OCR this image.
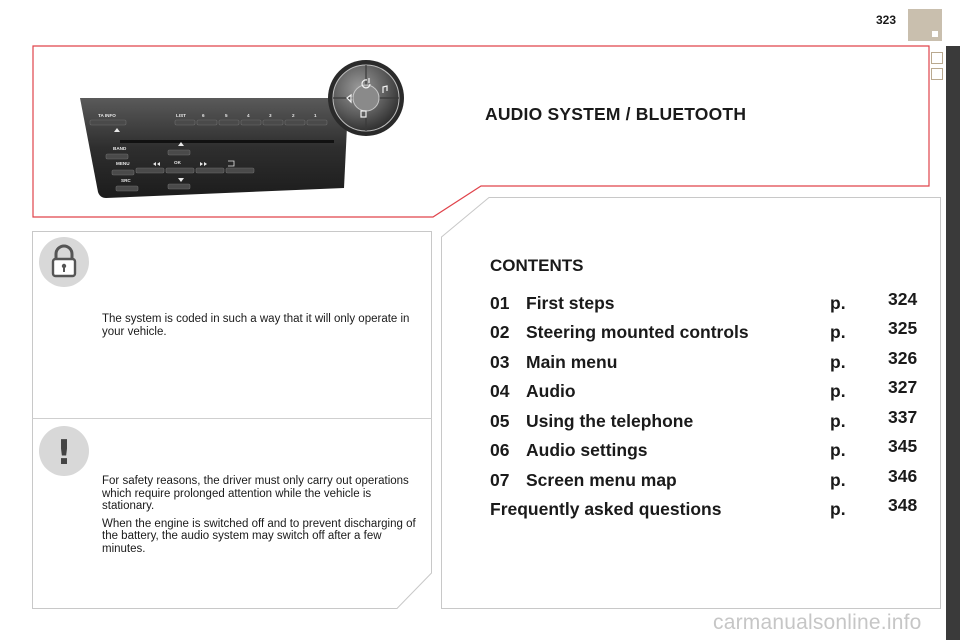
323
TA INFO	LIST	6	5	4	3	2	1
BAND
MENU	OK
SRC
AUDIO SYSTEM / BLUETOOTH
CONTENTS
01 First steps	p. 324
02 Steering mounted controls	p. 325
03 Main menu	p. 326
04 Audio	p. 327
05 Using the telephone	p. 337
06 Audio settings	p. 345
07 Screen menu map	p. 346
Frequently asked questions	p. 348

The system is coded in such a way that it will only operate in your vehicle.

!

For safety reasons, the driver must only carry out operations which require prolonged attention while the vehicle is stationary.

When the engine is switched off and to prevent discharging of the battery, the audio system may switch off after a few minutes.

carmanualsonline.info
